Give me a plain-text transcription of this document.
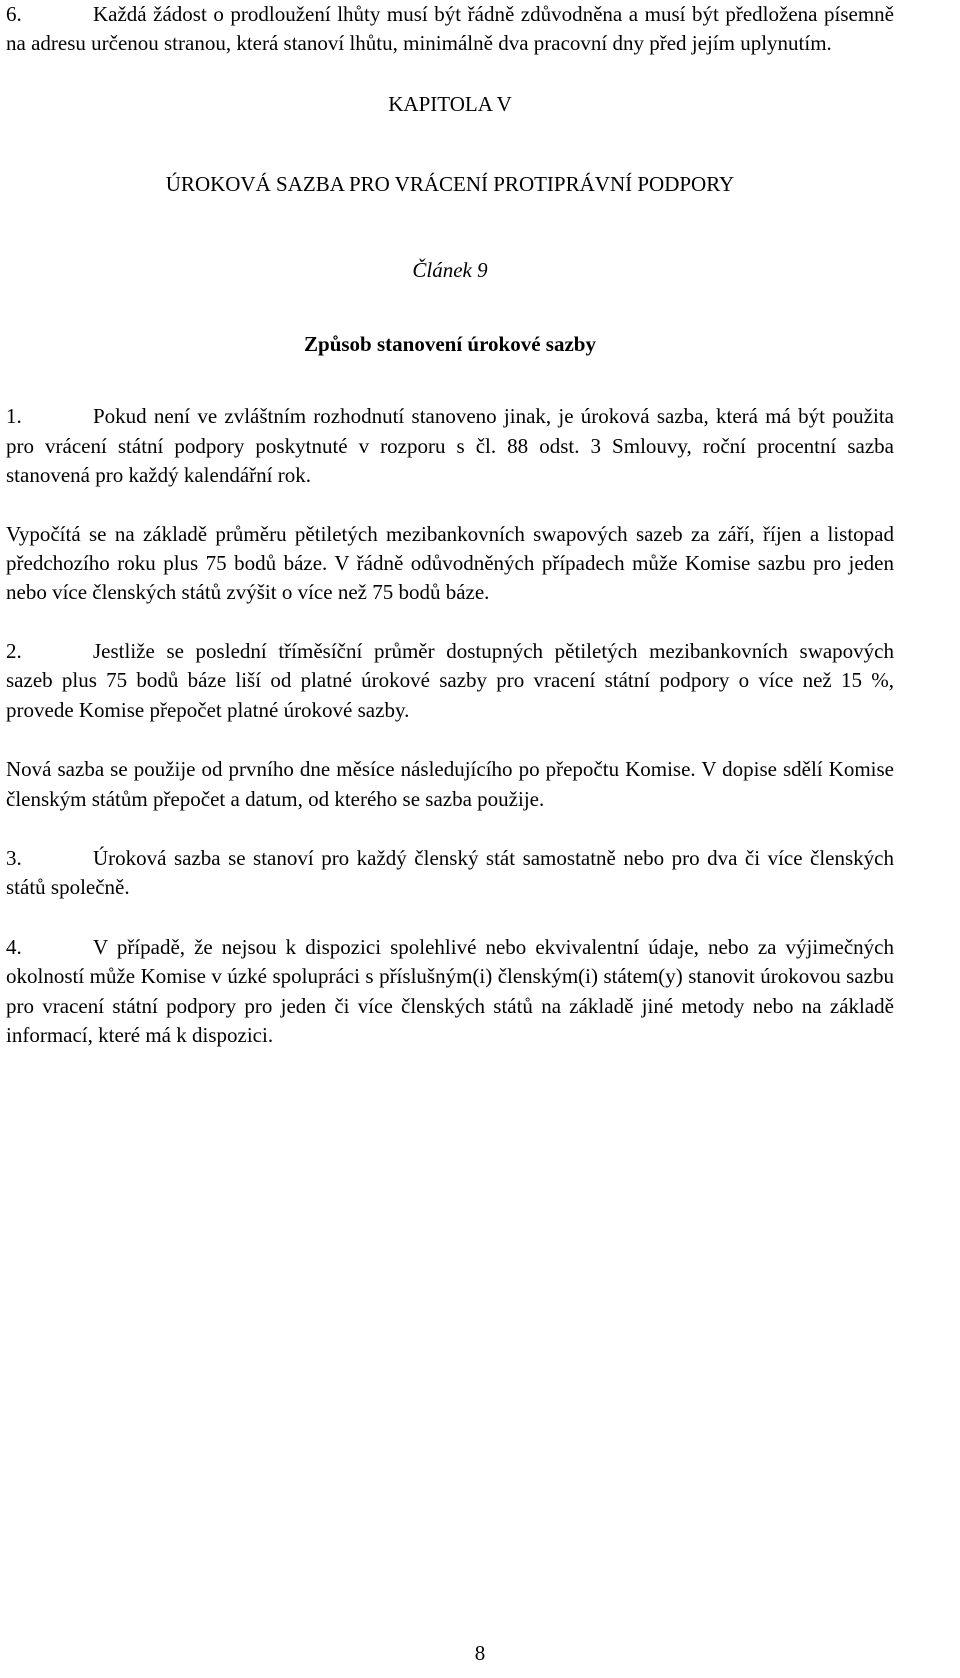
6.	Každá žádost o prodloužení lhůty musí být řádně zdůvodněna a musí být předložena písemně na adresu určenou stranou, která stanoví lhůtu, minimálně dva pracovní dny před jejím uplynutím.

KAPITOLA V

ÚROKOVÁ SAZBA PRO VRÁCENÍ PROTIPRÁVNÍ PODPORY

Článek 9

Způsob stanovení úrokové sazby

1.	Pokud není ve zvláštním rozhodnutí stanoveno jinak, je úroková sazba, která má být použita pro vrácení státní podpory poskytnuté v rozporu s čl. 88 odst. 3 Smlouvy, roční procentní sazba stanovená pro každý kalendářní rok.

Vypočítá se na základě průměru pětiletých mezibankovních swapových sazeb za září, říjen a listopad předchozího roku plus 75 bodů báze. V řádně odůvodněných případech může Komise sazbu pro jeden nebo více členských států zvýšit o více než 75 bodů báze.

2.	Jestliže se poslední tříměsíční průměr dostupných pětiletých mezibankovních swapových sazeb plus 75 bodů báze liší od platné úrokové sazby pro vracení státní podpory o více než 15 %, provede Komise přepočet platné úrokové sazby.

Nová sazba se použije od prvního dne měsíce následujícího po přepočtu Komise. V dopise sdělí Komise členským státům přepočet a datum, od kterého se sazba použije.

3.	Úroková sazba se stanoví pro každý členský stát samostatně nebo pro dva či více členských států společně.

4.	V případě, že nejsou k dispozici spolehlivé nebo ekvivalentní údaje, nebo za výjimečných okolností může Komise v úzké spolupráci s příslušným(i) členským(i) státem(y) stanovit úrokovou sazbu pro vracení státní podpory pro jeden či více členských států na základě jiné metody nebo na základě informací, které má k dispozici.

8
